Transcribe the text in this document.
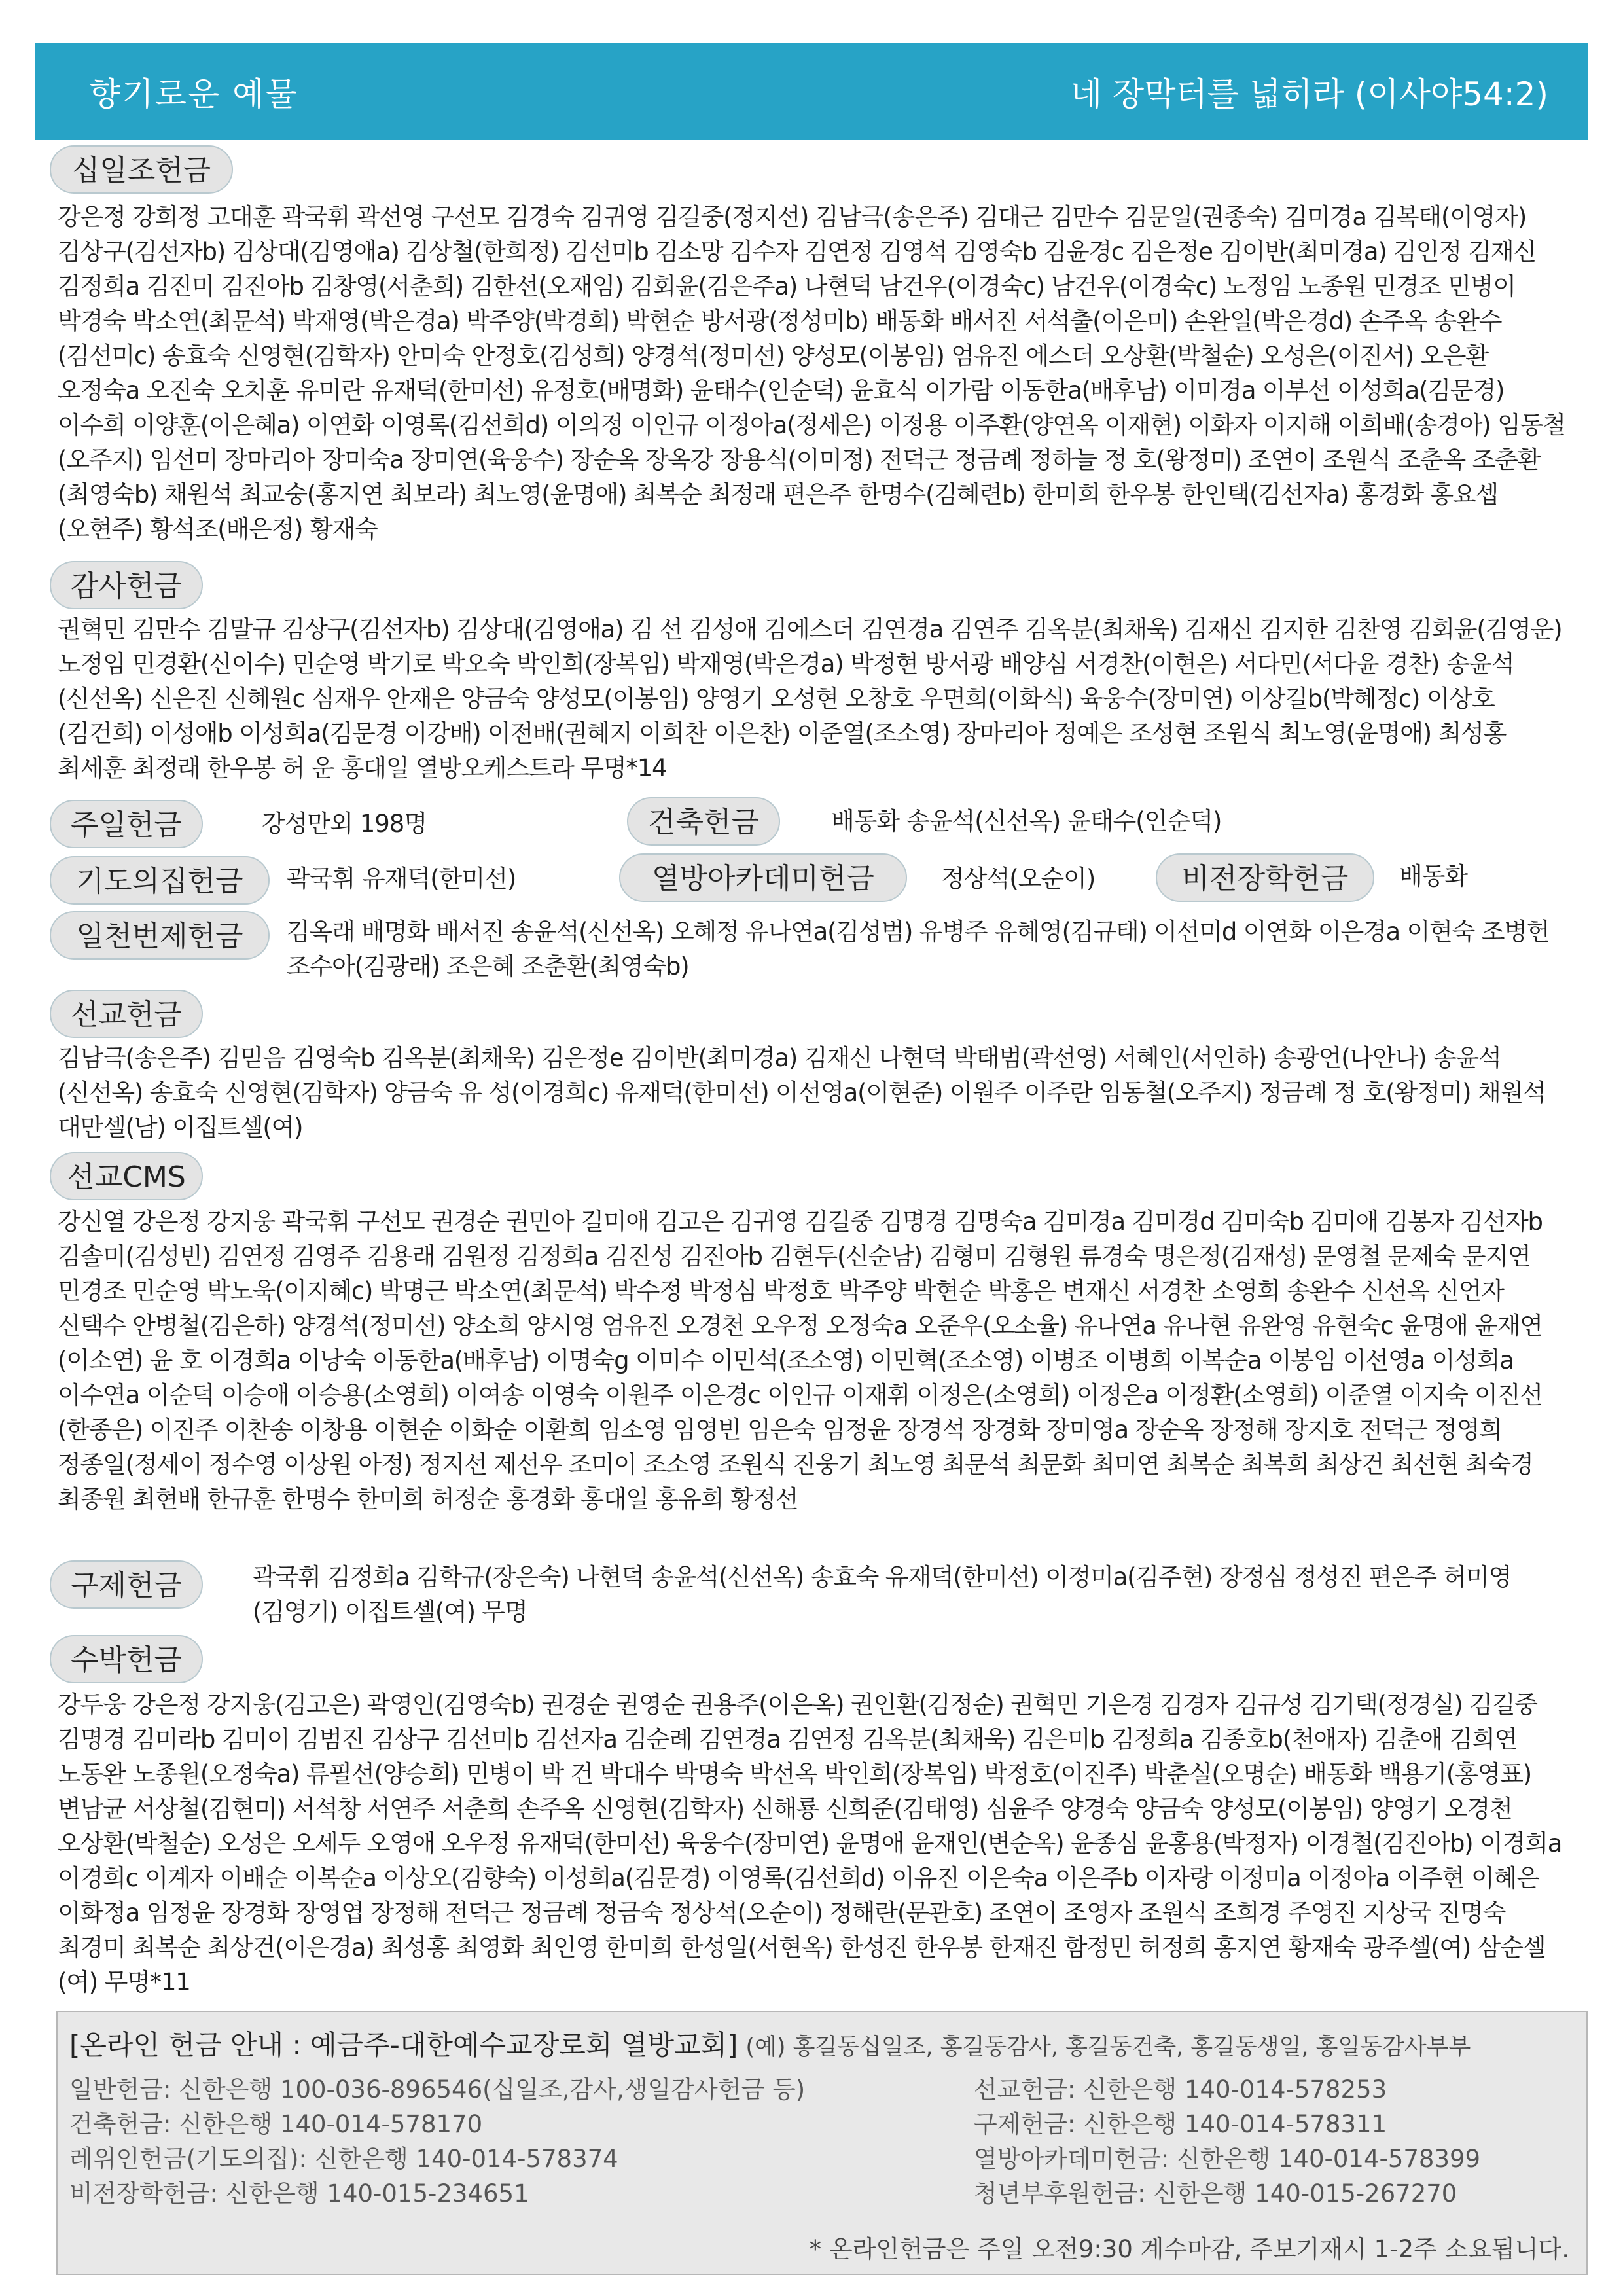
향기로운 예물	네 장막터를 넓히라 (이사야54:2)
십일조헌금
강은정 강희정 고대훈 곽국휘 곽선영 구선모 김경숙 김귀영 김길중(정지선) 김남극(송은주) 김대근 김만수 김문일(권종숙) 김미경a 김복태(이영자) 김상구(김선자b) 김상대(김영애a) 김상철(한희정) 김선미b 김소망 김수자 김연정 김영석 김영숙b 김윤경c 김은정e 김이반(최미경a) 김인정 김재신 김정희a 김진미 김진아b 김창영(서춘희) 김한선(오재임) 김회윤(김은주a) 나현덕 남건우(이경숙c) 남건우(이경숙c) 노정임 노종원 민경조 민병이 박경숙 박소연(최문석) 박재영(박은경a) 박주양(박경희) 박현순 방서광(정성미b) 배동화 배서진 서석출(이은미) 손완일(박은경d) 손주옥 송완수(김선미c) 송효숙 신영현(김학자) 안미숙 안정호(김성희) 양경석(정미선) 양성모(이봉임) 엄유진 에스더 오상환(박철순) 오성은(이진서) 오은환 오정숙a 오진숙 오치훈 유미란 유재덕(한미선) 유정호(배명화) 윤태수(인순덕) 윤효식 이가람 이동한a(배후남) 이미경a 이부선 이성희a(김문경) 이수희 이양훈(이은혜a) 이연화 이영록(김선희d) 이의정 이인규 이정아a(정세은) 이정용 이주환(양연옥 이재현) 이화자 이지해 이희배(송경아) 임동철(오주지) 임선미 장마리아 장미숙a 장미연(육웅수) 장순옥 장옥강 장용식(이미정) 전덕근 정금례 정하늘 정 호(왕정미) 조연이 조원식 조춘옥 조춘환(최영숙b) 채원석 최교숭(홍지연 최보라) 최노영(윤명애) 최복순 최정래 편은주 한명수(김혜련b) 한미희 한우봉 한인택(김선자a) 홍경화 홍요셉(오현주) 황석조(배은정) 황재숙
감사헌금
권혁민 김만수 김말규 김상구(김선자b) 김상대(김영애a) 김 선 김성애 김에스더 김연경a 김연주 김옥분(최채욱) 김재신 김지한 김찬영 김회윤(김영운) 노정임 민경환(신이수) 민순영 박기로 박오숙 박인희(장복임) 박재영(박은경a) 박정현 방서광 배양심 서경찬(이현은) 서다민(서다윤 경찬) 송윤석(신선옥) 신은진 신혜원c 심재우 안재은 양금숙 양성모(이봉임) 양영기 오성현 오창호 우면희(이화식) 육웅수(장미연) 이상길b(박혜정c) 이상호(김건희) 이성애b 이성희a(김문경 이강배) 이전배(권혜지 이희찬 이은찬) 이준열(조소영) 장마리아 정예은 조성현 조원식 최노영(윤명애) 최성홍 최세훈 최정래 한우봉 허 운 홍대일 열방오케스트라 무명*14
주일헌금	강성만외 198명	건축헌금	배동화 송윤석(신선옥) 윤태수(인순덕)
기도의집헌금	곽국휘 유재덕(한미선)	열방아카데미헌금	정상석(오순이)	비전장학헌금	배동화
일천번제헌금	김옥래 배명화 배서진 송윤석(신선옥) 오혜정 유나연a(김성범) 유병주 유혜영(김규태) 이선미d 이연화 이은경a 이현숙 조병헌 조수아(김광래) 조은혜 조춘환(최영숙b)
선교헌금
김남극(송은주) 김믿음 김영숙b 김옥분(최채욱) 김은정e 김이반(최미경a) 김재신 나현덕 박태범(곽선영) 서혜인(서인하) 송광언(나안나) 송윤석(신선옥) 송효숙 신영현(김학자) 양금숙 유 성(이경희c) 유재덕(한미선) 이선영a(이현준) 이원주 이주란 임동철(오주지) 정금례 정 호(왕정미) 채원석 대만셀(남) 이집트셀(여)
선교CMS
강신열 강은정 강지웅 곽국휘 구선모 권경순 권민아 길미애 김고은 김귀영 김길중 김명경 김명숙a 김미경a 김미경d 김미숙b 김미애 김봉자 김선자b 김솔미(김성빈) 김연정 김영주 김용래 김원정 김정희a 김진성 김진아b 김현두(신순남) 김형미 김형원 류경숙 명은정(김재성) 문영철 문제숙 문지연 민경조 민순영 박노욱(이지혜c) 박명근 박소연(최문석) 박수정 박정심 박정호 박주양 박현순 박홍은 변재신 서경찬 소영희 송완수 신선옥 신언자 신택수 안병철(김은하) 양경석(정미선) 양소희 양시영 엄유진 오경천 오우정 오정숙a 오준우(오소율) 유나연a 유나현 유완영 유현숙c 윤명애 윤재연(이소연) 윤 호 이경희a 이낭숙 이동한a(배후남) 이명숙g 이미수 이민석(조소영) 이민혁(조소영) 이병조 이병희 이복순a 이봉임 이선영a 이성희a 이수연a 이순덕 이승애 이승용(소영희) 이여송 이영숙 이원주 이은경c 이인규 이재휘 이정은(소영희) 이정은a 이정환(소영희) 이준열 이지숙 이진선(한종은) 이진주 이찬송 이창용 이현순 이화순 이환희 임소영 임영빈 임은숙 임정윤 장경석 장경화 장미영a 장순옥 장정해 장지호 전덕근 정영희 정종일(정세이 정수영 이상원 아정) 정지선 제선우 조미이 조소영 조원식 진웅기 최노영 최문석 최문화 최미연 최복순 최복희 최상건 최선현 최숙경 최종원 최현배 한규훈 한명수 한미희 허정순 홍경화 홍대일 홍유희 황정선
구제헌금	곽국휘 김정희a 김학규(장은숙) 나현덕 송윤석(신선옥) 송효숙 유재덕(한미선) 이정미a(김주현) 장정심 정성진 편은주 허미영(김영기) 이집트셀(여) 무명
수박헌금
강두웅 강은정 강지웅(김고은) 곽영인(김영숙b) 권경순 권영순 권용주(이은옥) 권인환(김정순) 권혁민 기은경 김경자 김규성 김기택(정경실) 김길중 김명경 김미라b 김미이 김범진 김상구 김선미b 김선자a 김순례 김연경a 김연정 김옥분(최채욱) 김은미b 김정희a 김종호b(천애자) 김춘애 김희연 노동완 노종원(오정숙a) 류필선(양승희) 민병이 박 건 박대수 박명숙 박선옥 박인희(장복임) 박정호(이진주) 박춘실(오명순) 배동화 백용기(홍영표) 변남균 서상철(김현미) 서석창 서연주 서춘희 손주옥 신영현(김학자) 신해룡 신희준(김태영) 심윤주 양경숙 양금숙 양성모(이봉임) 양영기 오경천 오상환(박철순) 오성은 오세두 오영애 오우정 유재덕(한미선) 육웅수(장미연) 윤명애 윤재인(변순옥) 윤종심 윤홍용(박정자) 이경철(김진아b) 이경희a 이경희c 이계자 이배순 이복순a 이상오(김향숙) 이성희a(김문경) 이영록(김선희d) 이유진 이은숙a 이은주b 이자랑 이정미a 이정아a 이주현 이혜은 이화정a 임정윤 장경화 장영엽 장정해 전덕근 정금례 정금숙 정상석(오순이) 정해란(문관호) 조연이 조영자 조원식 조희경 주영진 지상국 진명숙 최경미 최복순 최상건(이은경a) 최성홍 최영화 최인영 한미희 한성일(서현옥) 한성진 한우봉 한재진 함정민 허정희 홍지연 황재숙 광주셀(여) 삼순셀(여) 무명*11
[온라인 헌금 안내 : 예금주-대한예수교장로회 열방교회] (예) 홍길동십일조, 홍길동감사, 홍길동건축, 홍길동생일, 홍일동감사부부
일반헌금: 신한은행 100-036-896546(십일조,감사,생일감사헌금 등)
건축헌금: 신한은행 140-014-578170
레위인헌금(기도의집): 신한은행 140-014-578374
비전장학헌금: 신한은행 140-015-234651
선교헌금: 신한은행 140-014-578253
구제헌금: 신한은행 140-014-578311
열방아카데미헌금: 신한은행 140-014-578399
청년부후원헌금: 신한은행 140-015-267270
* 온라인헌금은 주일 오전9:30 계수마감, 주보기재시 1-2주 소요됩니다.
